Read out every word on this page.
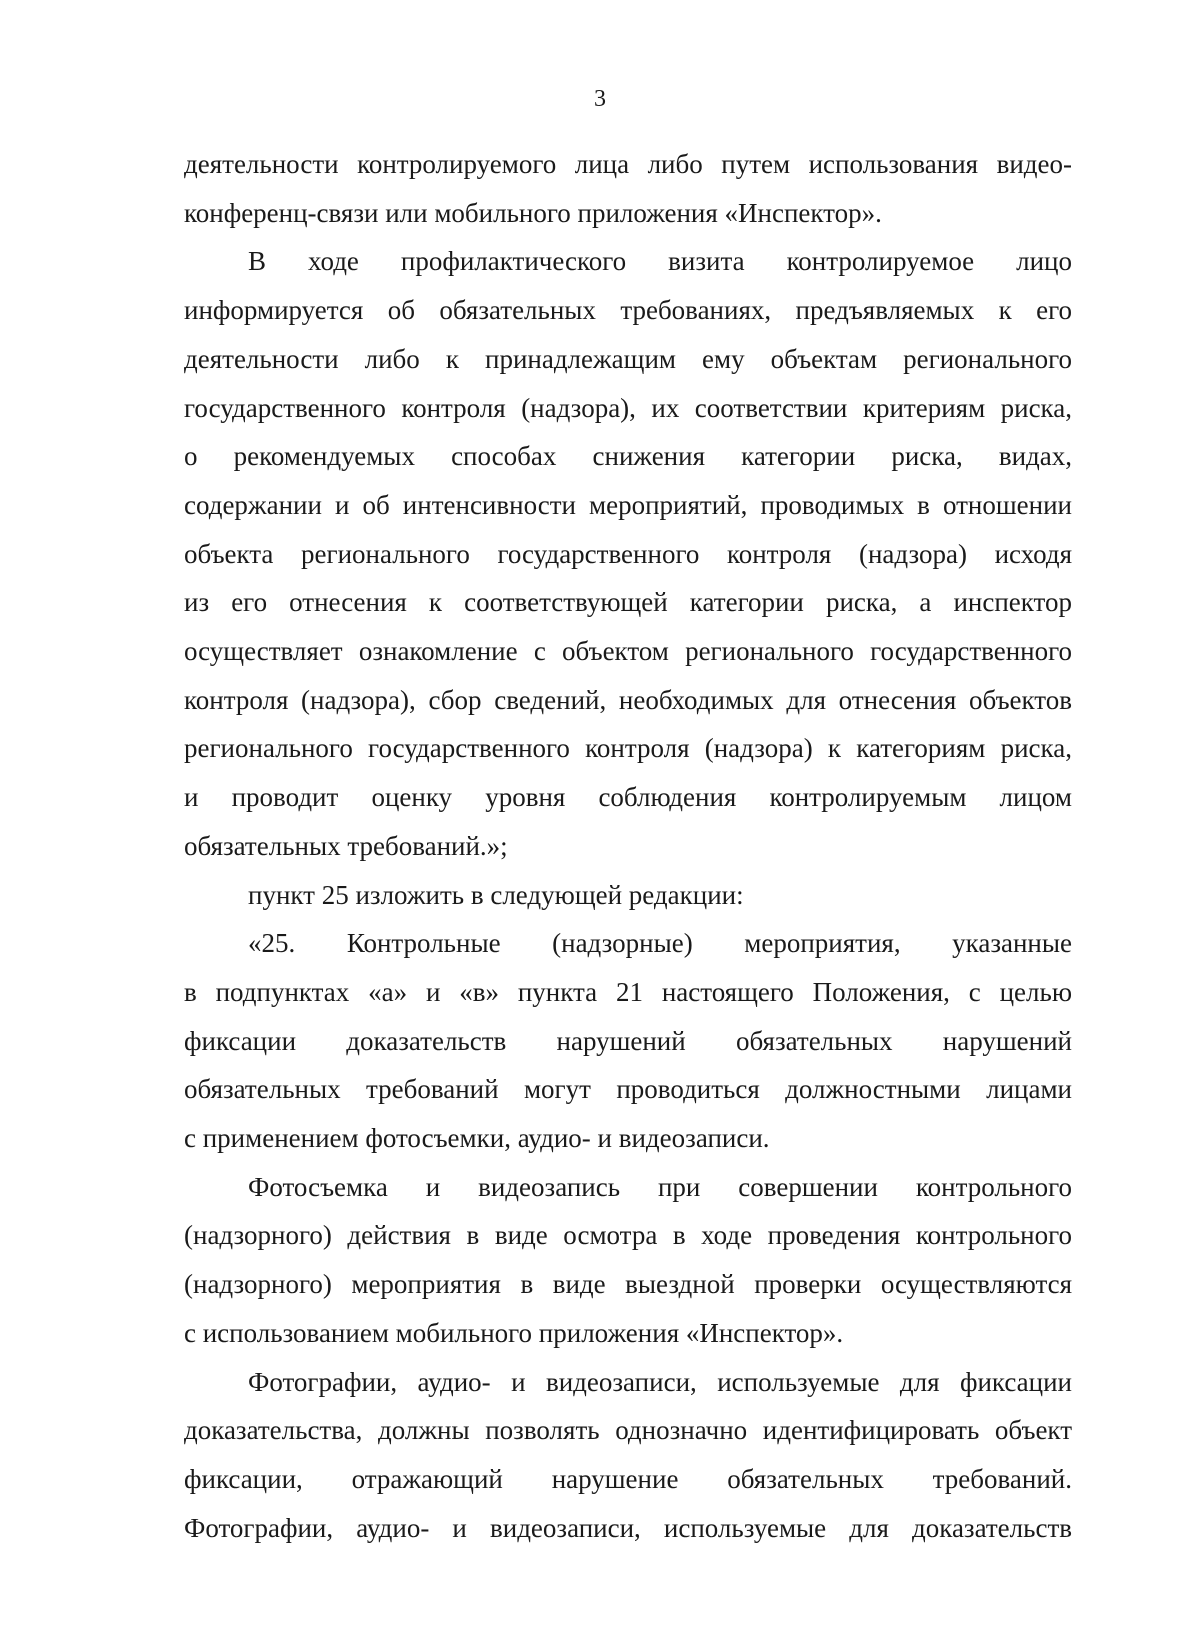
3

деятельности контролируемого лица либо путем использования видео-

конференц-связи или мобильного приложения «Инспектор».

В ходе профилактического визита контролируемое лицо

информируется об обязательных требованиях, предъявляемых к его

деятельности либо к принадлежащим ему объектам регионального

государственного контроля (надзора), их соответствии критериям риска,

о рекомендуемых способах снижения категории риска, видах,

содержании и об интенсивности мероприятий, проводимых в отношении

объекта регионального государственного контроля (надзора) исходя

из его отнесения к соответствующей категории риска, а инспектор

осуществляет ознакомление с объектом регионального государственного

контроля (надзора), сбор сведений, необходимых для отнесения объектов

регионального государственного контроля (надзора) к категориям риска,

и проводит оценку уровня соблюдения контролируемым лицом

обязательных требований.»;

пункт 25 изложить в следующей редакции:

«25. Контрольные (надзорные) мероприятия, указанные

в подпунктах «а» и «в» пункта 21 настоящего Положения, с целью

фиксации доказательств нарушений обязательных нарушений

обязательных требований могут проводиться должностными лицами

с применением фотосъемки, аудио- и видеозаписи.

Фотосъемка и видеозапись при совершении контрольного

(надзорного) действия в виде осмотра в ходе проведения контрольного

(надзорного) мероприятия в виде выездной проверки осуществляются

с использованием мобильного приложения «Инспектор».

Фотографии, аудио- и видеозаписи, используемые для фиксации

доказательства, должны позволять однозначно идентифицировать объект

фиксации, отражающий нарушение обязательных требований.

Фотографии, аудио- и видеозаписи, используемые для доказательств
